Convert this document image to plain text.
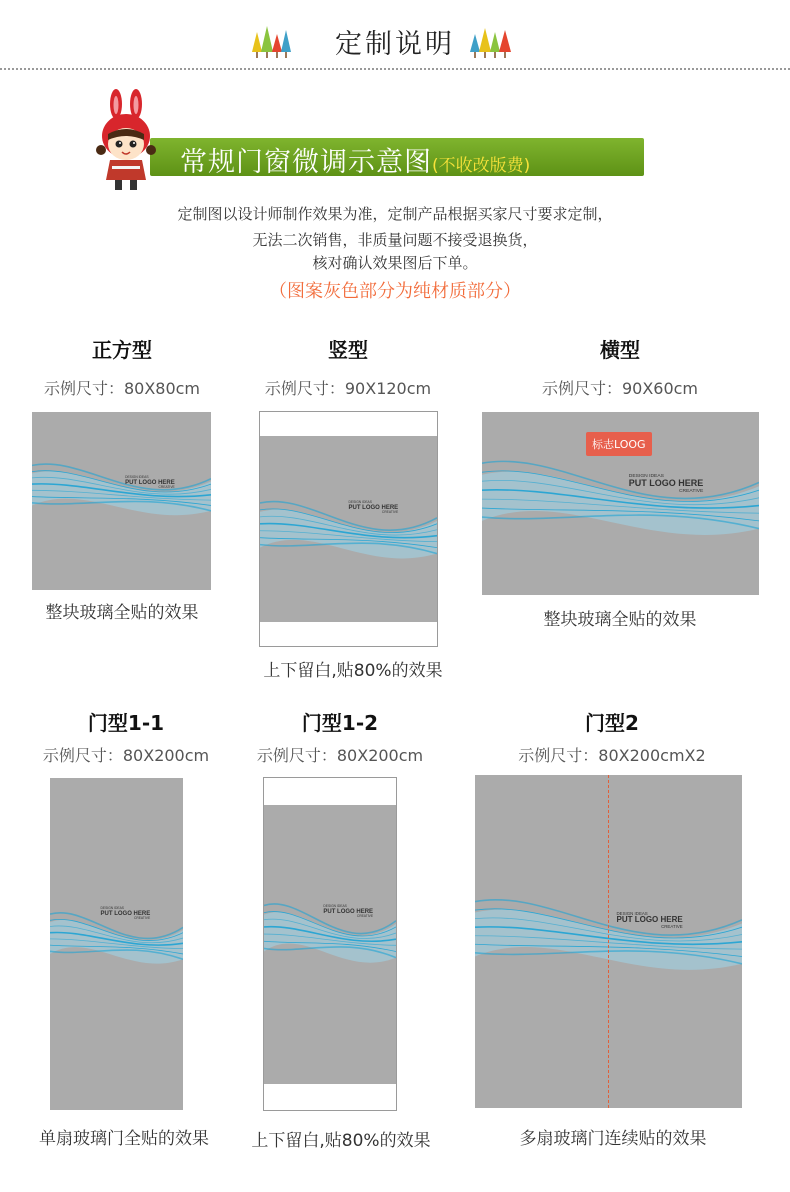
定制说明
常规门窗微调示意图(不收改版费)
定制图以设计师制作效果为准，定制产品根据买家尺寸要求定制，
无法二次销售，非质量问题不接受退换货，
核对确认效果图后下单。
（图案灰色部分为纯材质部分）
正方型
示例尺寸：80X80cm
DESIGN IDEAS
PUT LOGO HERE
CREATIVE
整块玻璃全贴的效果
竖型
示例尺寸：90X120cm
DESIGN IDEAS
PUT LOGO HERE
CREATIVE
上下留白,贴80%的效果
横型
示例尺寸：90X60cm
标志LOOG
DESIGN IDEAS
PUT LOGO HERE
CREATIVE
整块玻璃全贴的效果
门型1-1
示例尺寸：80X200cm
DESIGN IDEAS
PUT LOGO HERE
CREATIVE
单扇玻璃门全贴的效果
门型1-2
示例尺寸：80X200cm
DESIGN IDEAS
PUT LOGO HERE
CREATIVE
上下留白,贴80%的效果
门型2
示例尺寸：80X200cmX2
DESIGN IDEAS
PUT LOGO HERE
CREATIVE
多扇玻璃门连续贴的效果
